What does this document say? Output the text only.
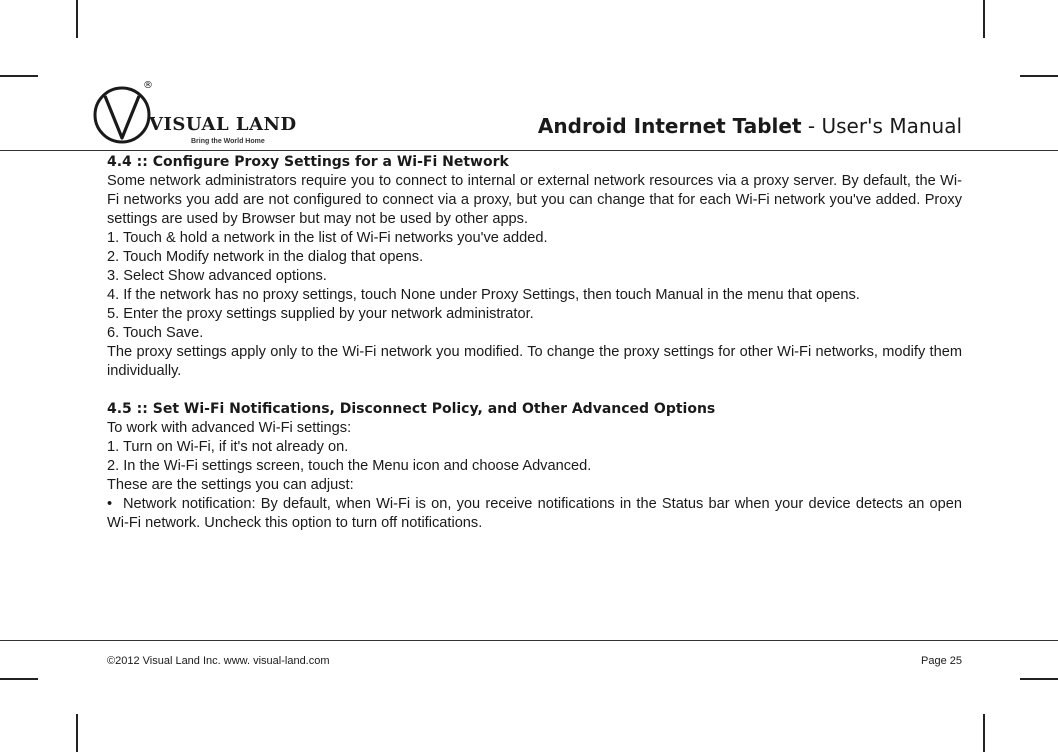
®
VISUAL LAND
Bring the World Home
Android Internet Tablet - User's Manual

4.4 :: Configure Proxy Settings for a Wi-Fi Network

Some network administrators require you to connect to internal or external network resources via a proxy server. By default, the Wi-Fi networks you add are not configured to connect via a proxy, but you can change that for each Wi-Fi network you've added. Proxy settings are used by Browser but may not be used by other apps.

1. Touch & hold a network in the list of Wi-Fi networks you've added.

2. Touch Modify network in the dialog that opens.

3. Select Show advanced options.

4. If the network has no proxy settings, touch None under Proxy Settings, then touch Manual in the menu that opens.

5. Enter the proxy settings supplied by your network administrator.

6. Touch Save.

The proxy settings apply only to the Wi-Fi network you modified. To change the proxy settings for other Wi-Fi networks, modify them individually.

4.5 :: Set Wi-Fi Notifications, Disconnect Policy, and Other Advanced Options

To work with advanced Wi-Fi settings:

1. Turn on Wi-Fi, if it's not already on.

2. In the Wi-Fi settings screen, touch the Menu icon and choose Advanced.

These are the settings you can adjust:

• Network notification: By default, when Wi-Fi is on, you receive notifications in the Status bar when your device detects an open Wi-Fi network. Uncheck this option to turn off notifications.

©2012 Visual Land Inc. www. visual-land.com	Page 25
